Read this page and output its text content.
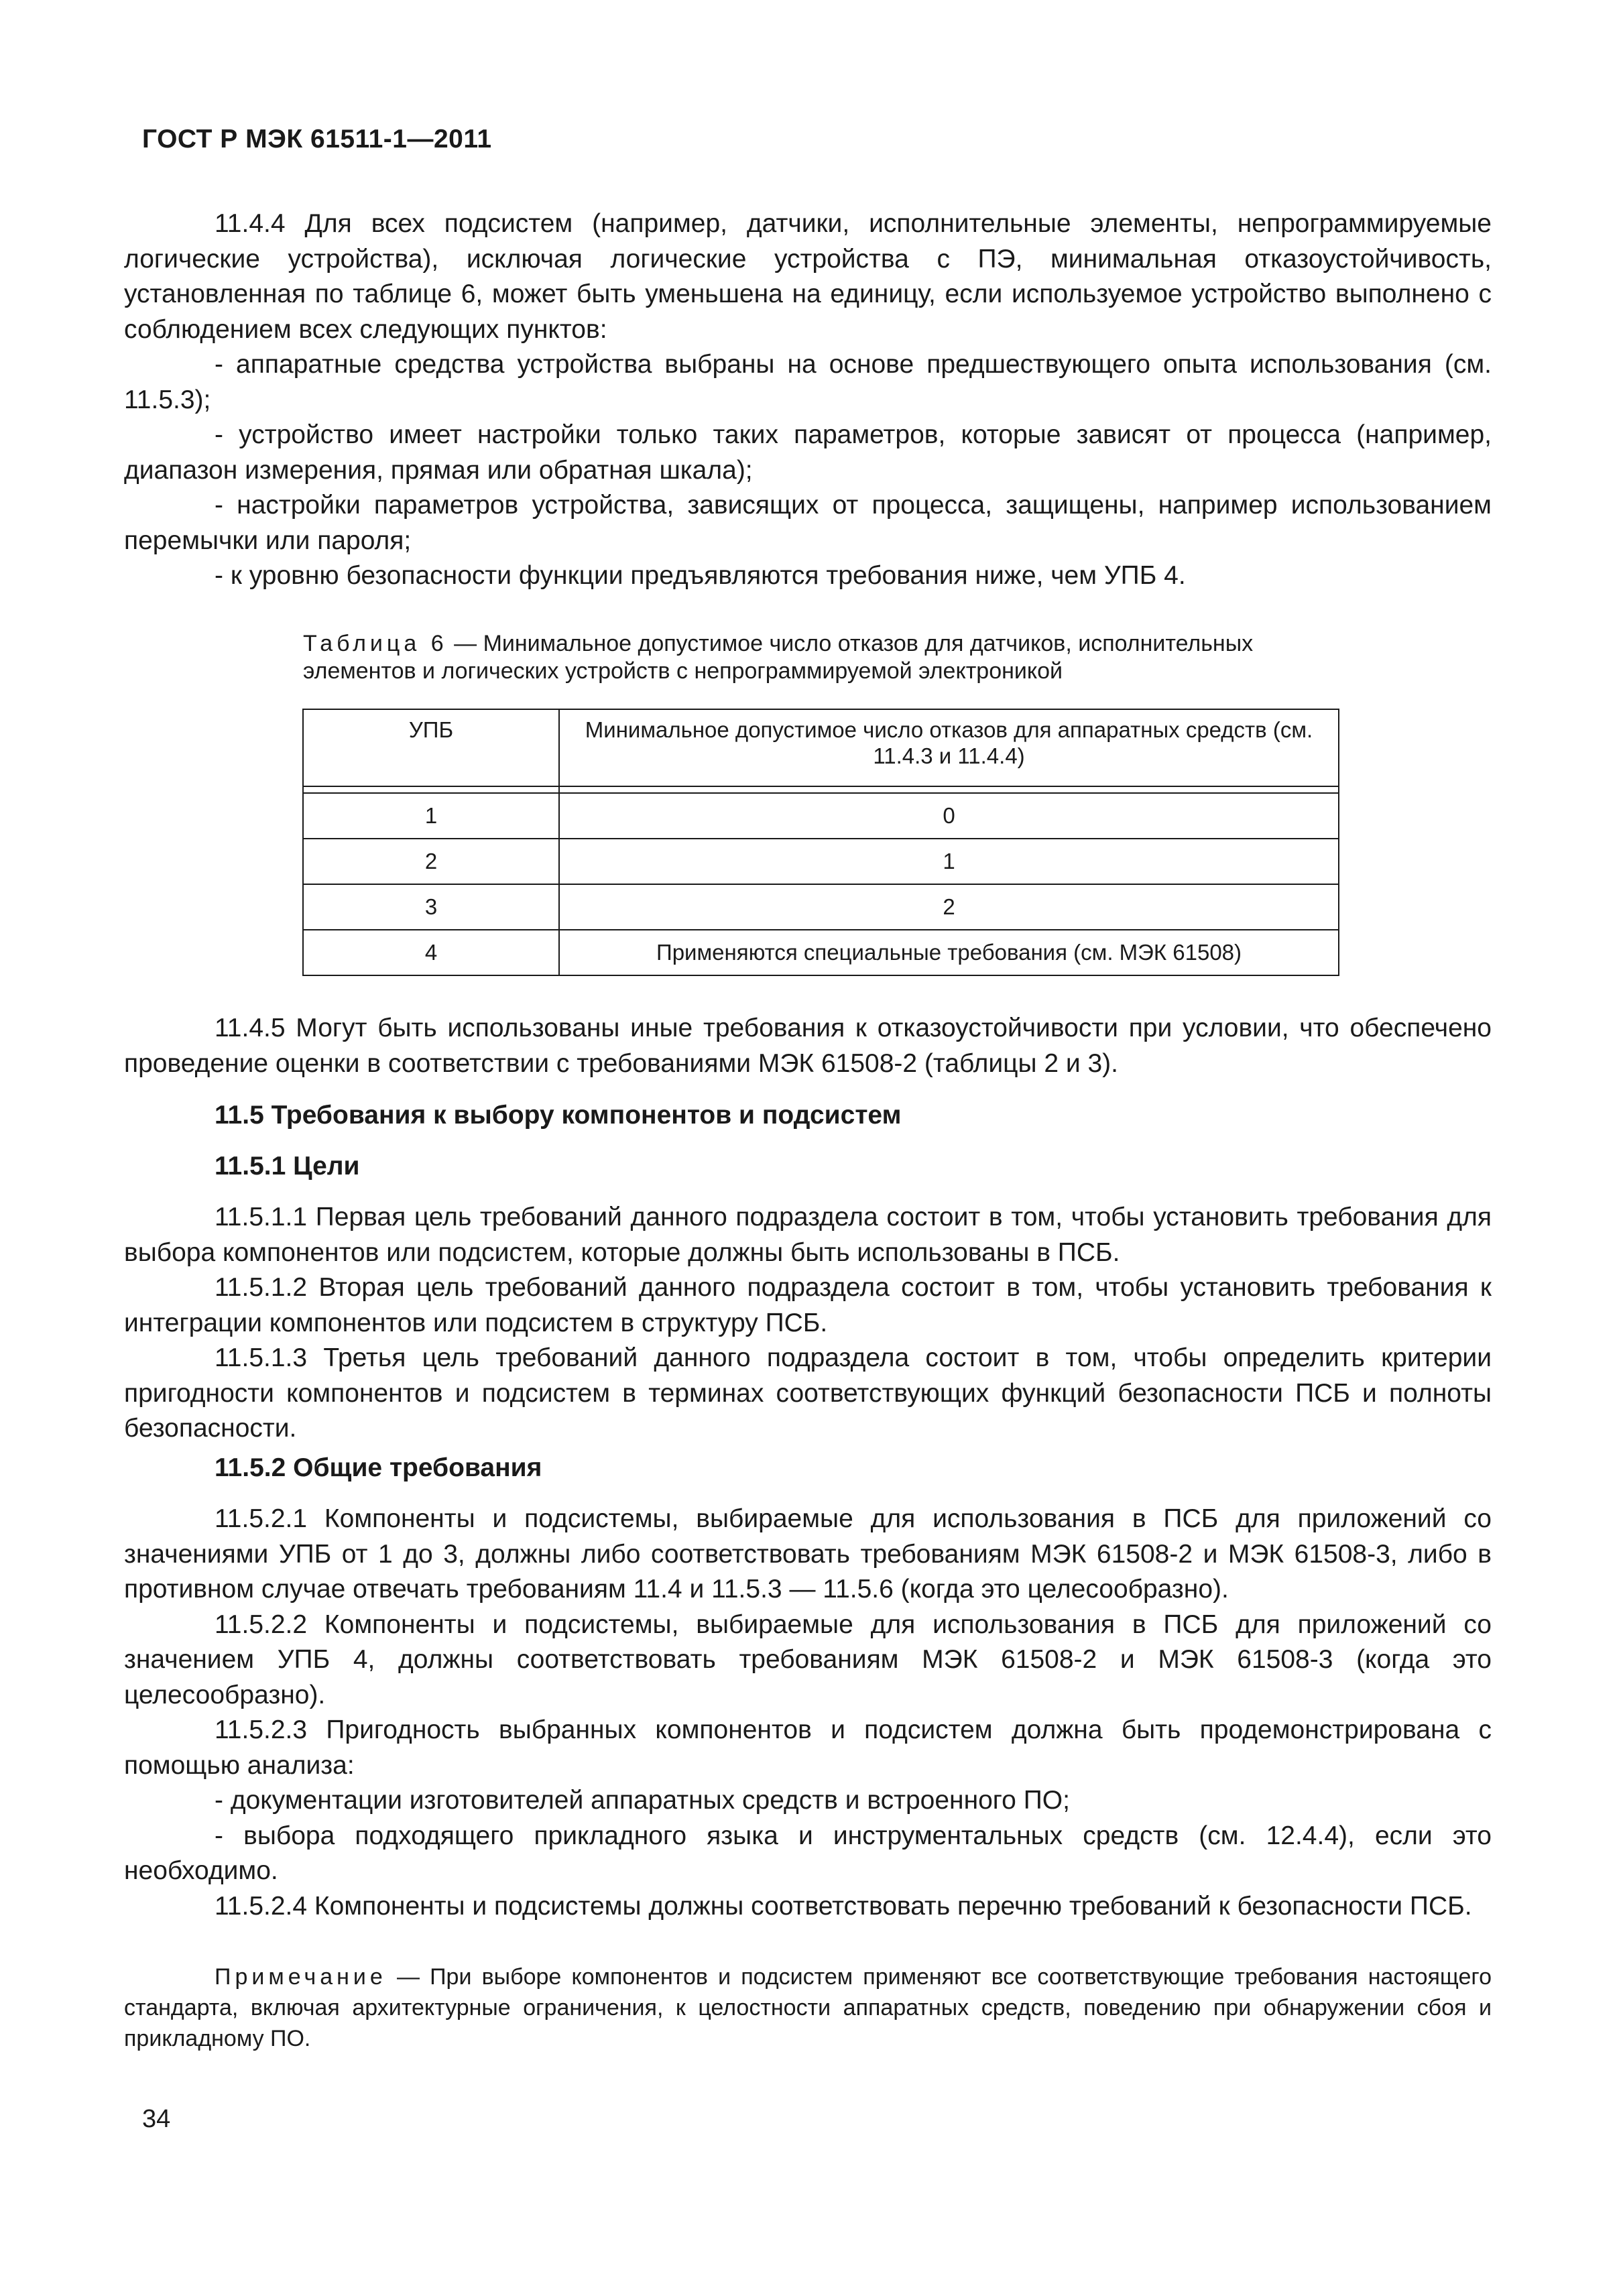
ГОСТ Р МЭК 61511-1—2011

11.4.4 Для всех подсистем (например, датчики, исполнительные элементы, непрограммируемые логические устройства), исключая логические устройства с ПЭ, минимальная отказоустойчивость, установленная по таблице 6, может быть уменьшена на единицу, если используемое устройство выполнено с соблюдением всех следующих пунктов:

- аппаратные средства устройства выбраны на основе предшествующего опыта использования (см. 11.5.3);

- устройство имеет настройки только таких параметров, которые зависят от процесса (например, диапазон измерения, прямая или обратная шкала);

- настройки параметров устройства, зависящих от процесса, защищены, например использованием перемычки или пароля;

- к уровню безопасности функции предъявляются требования ниже, чем УПБ 4.

Таблица 6 — Минимальное допустимое число отказов для датчиков, исполнительных элементов и логических устройств с непрограммируемой электроникой
УПБ	Минимальное допустимое число отказов для аппаратных средств (см. 11.4.3 и 11.4.4)

1	0
2	1
3	2
4	Применяются специальные требования (см. МЭК 61508)

11.4.5 Могут быть использованы иные требования к отказоустойчивости при условии, что обеспечено проведение оценки в соответствии с требованиями МЭК 61508-2 (таблицы 2 и 3).

11.5 Требования к выбору компонентов и подсистем
11.5.1 Цели

11.5.1.1 Первая цель требований данного подраздела состоит в том, чтобы установить требования для выбора компонентов или подсистем, которые должны быть использованы в ПСБ.

11.5.1.2 Вторая цель требований данного подраздела состоит в том, чтобы установить требования к интеграции компонентов или подсистем в структуру ПСБ.

11.5.1.3 Третья цель требований данного подраздела состоит в том, чтобы определить критерии пригодности компонентов и подсистем в терминах соответствующих функций безопасности ПСБ и полноты безопасности.

11.5.2 Общие требования

11.5.2.1 Компоненты и подсистемы, выбираемые для использования в ПСБ для приложений со значениями УПБ от 1 до 3, должны либо соответствовать требованиям МЭК 61508-2 и МЭК 61508-3, либо в противном случае отвечать требованиям 11.4 и 11.5.3 — 11.5.6 (когда это целесообразно).

11.5.2.2 Компоненты и подсистемы, выбираемые для использования в ПСБ для приложений со значением УПБ 4, должны соответствовать требованиям МЭК 61508-2 и МЭК 61508-3 (когда это целесообразно).

11.5.2.3 Пригодность выбранных компонентов и подсистем должна быть продемонстрирована с помощью анализа:

- документации изготовителей аппаратных средств и встроенного ПО;

- выбора подходящего прикладного языка и инструментальных средств (см. 12.4.4), если это необходимо.

11.5.2.4 Компоненты и подсистемы должны соответствовать перечню требований к безопасности ПСБ.

Примечание — При выборе компонентов и подсистем применяют все соответствующие требования настоящего стандарта, включая архитектурные ограничения, к целостности аппаратных средств, поведению при обнаружении сбоя и прикладному ПО.

34
